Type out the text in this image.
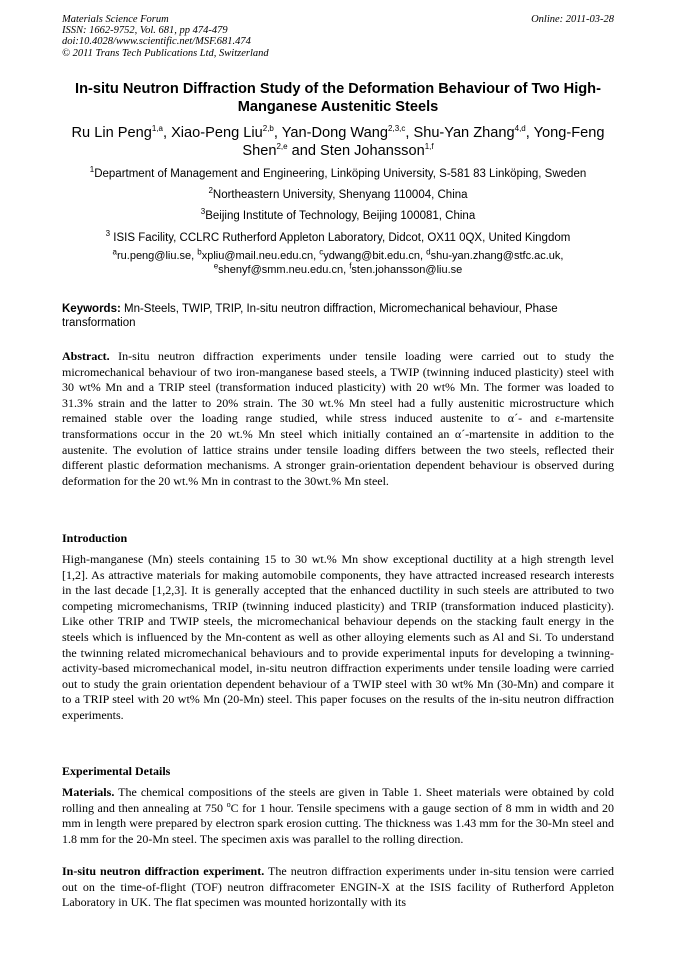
Materials Science Forum
ISSN: 1662-9752, Vol. 681, pp 474-479
doi:10.4028/www.scientific.net/MSF.681.474
© 2011 Trans Tech Publications Ltd, Switzerland
Online: 2011-03-28
In-situ Neutron Diffraction Study of the Deformation Behaviour of Two High-Manganese Austenitic Steels
Ru Lin Peng$^{1,a}$, Xiao-Peng Liu$^{2,b}$, Yan-Dong Wang$^{2,3,c}$, Shu-Yan Zhang$^{4,d}$, Yong-Feng Shen$^{2,e}$ and Sten Johansson$^{1,f}$
$^1$Department of Management and Engineering, Linköping University, S-581 83 Linköping, Sweden
$^2$Northeastern University, Shenyang 110004, China
$^3$Beijing Institute of Technology, Beijing 100081, China
$^3$ ISIS Facility, CCLRC Rutherford Appleton Laboratory, Didcot, OX11 0QX, United Kingdom
$^a$ru.peng@liu.se, $^b$xpliu@mail.neu.edu.cn, $^c$ydwang@bit.edu.cn, $^d$shu-yan.zhang@stfc.ac.uk,
$^e$shenyf@smm.neu.edu.cn, $^f$sten.johansson@liu.se
Keywords: Mn-Steels, TWIP, TRIP, In-situ neutron diffraction, Micromechanical behaviour, Phase transformation
Abstract. In-situ neutron diffraction experiments under tensile loading were carried out to study the micromechanical behaviour of two iron-manganese based steels, a TWIP (twinning induced plasticity) steel with 30 wt% Mn and a TRIP steel (transformation induced plasticity) with 20 wt% Mn. The former was loaded to 31.3% strain and the latter to 20% strain. The 30 wt.% Mn steel had a fully austenitic microstructure which remained stable over the loading range studied, while stress induced austenite to α´- and ε-martensite transformations occur in the 20 wt.% Mn steel which initially contained an α´-martensite in addition to the austenite. The evolution of lattice strains under tensile loading differs between the two steels, reflected their different plastic deformation mechanisms. A stronger grain-orientation dependent behaviour is observed during deformation for the 20 wt.% Mn in contrast to the 30wt.% Mn steel.
Introduction
High-manganese (Mn) steels containing 15 to 30 wt.% Mn show exceptional ductility at a high strength level [1,2]. As attractive materials for making automobile components, they have attracted increased research interests in the last decade [1,2,3]. It is generally accepted that the enhanced ductility in such steels are attributed to two competing micromechanisms, TRIP (twinning induced plasticity) and TRIP (transformation induced plasticity). Like other TRIP and TWIP steels, the micromechanical behaviour depends on the stacking fault energy in the steels which is influenced by the Mn-content as well as other alloying elements such as Al and Si. To understand the twinning related micromechanical behaviours and to provide experimental inputs for developing a twinning-activity-based micromechanical model, in-situ neutron diffraction experiments under tensile loading were carried out to study the grain orientation dependent behaviour of a TWIP steel with 30 wt% Mn (30-Mn) and compare it to a TRIP steel with 20 wt% Mn (20-Mn) steel. This paper focuses on the results of the in-situ neutron diffraction experiments.
Experimental Details
Materials. The chemical compositions of the steels are given in Table 1. Sheet materials were obtained by cold rolling and then annealing at 750 $^o$C for 1 hour. Tensile specimens with a gauge section of 8 mm in width and 20 mm in length were prepared by electron spark erosion cutting. The thickness was 1.43 mm for the 30-Mn steel and 1.8 mm for the 20-Mn steel. The specimen axis was parallel to the rolling direction.
In-situ neutron diffraction experiment. The neutron diffraction experiments under in-situ tension were carried out on the time-of-flight (TOF) neutron diffracometer ENGIN-X at the ISIS facility of Rutherford Appleton Laboratory in UK. The flat specimen was mounted horizontally with its
